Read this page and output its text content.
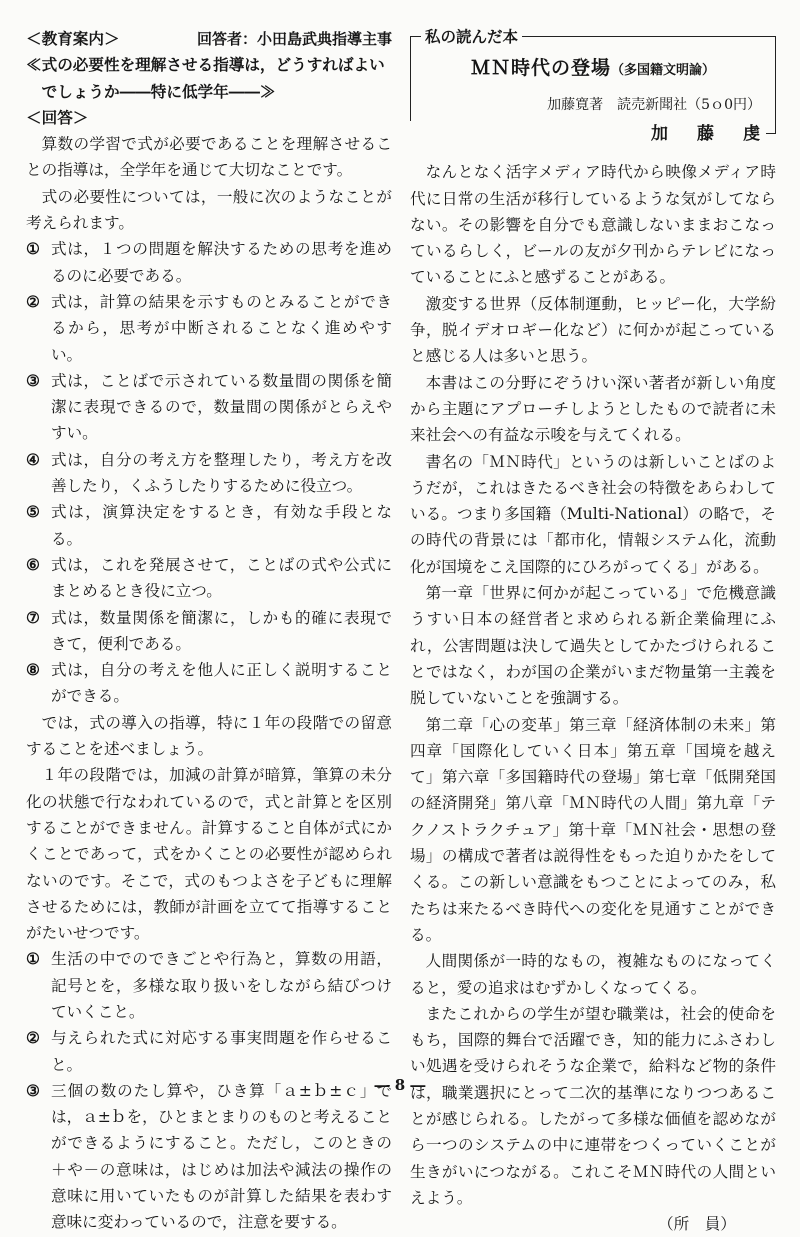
＜教育案内＞	回答者：小田島武典指導主事

≪式の必要性を理解させる指導は，どうすればよい

でしょうか――特に低学年――≫

＜回答＞

算数の学習で式が必要であることを理解させることの指導は，全学年を通じて大切なことです。

式の必要性については，一般に次のようなことが考えられます。

① 式は，１つの問題を解決するための思考を進めるのに必要である。
② 式は，計算の結果を示すものとみることができるから，思考が中断されることなく進めやすい。
③ 式は，ことばで示されている数量間の関係を簡潔に表現できるので，数量間の関係がとらえやすい。
④ 式は，自分の考え方を整理したり，考え方を改善したり，くふうしたりするために役立つ。
⑤ 式は，演算決定をするとき，有効な手段となる。
⑥ 式は，これを発展させて，ことばの式や公式にまとめるとき役に立つ。
⑦ 式は，数量関係を簡潔に，しかも的確に表現できて，便利である。
⑧ 式は，自分の考えを他人に正しく説明することができる。

では，式の導入の指導，特に１年の段階での留意することを述べましょう。

１年の段階では，加減の計算が暗算，筆算の未分化の状態で行なわれているので，式と計算とを区別することができません。計算すること自体が式にかくことであって，式をかくことの必要性が認められないのです。そこで，式のもつよさを子どもに理解させるためには，教師が計画を立てて指導することがたいせつです。

① 生活の中でのできごとや行為と，算数の用語，記号とを，多様な取り扱いをしながら結びつけていくこと。
② 与えられた式に対応する事実問題を作らせること。
③ 三個の数のたし算や，ひき算「ａ±ｂ±ｃ」では，ａ±ｂを，ひとまとまりのものと考えることができるようにすること。ただし，このときの＋や－の意味は，はじめは加法や減法の操作の意味に用いていたものが計算した結果を表わす意味に変わっているので，注意を要する。
私の読んだ本

ＭＮ時代の登場（多国籍文明論）

加藤寛著　読売新聞社（5ｏ0円）

加　藤　虔

なんとなく活字メディア時代から映像メディア時代に日常の生活が移行しているような気がしてならない。その影響を自分でも意識しないままおこなっているらしく，ビールの友が夕刊からテレビになっていることにふと感ずることがある。

激変する世界（反体制運動，ヒッピー化，大学紛争，脱イデオロギー化など）に何かが起こっていると感じる人は多いと思う。

本書はこの分野にぞうけい深い著者が新しい角度から主題にアプローチしようとしたもので読者に未来社会への有益な示唆を与えてくれる。

書名の「ＭＮ時代」というのは新しいことばのようだが，これはきたるべき社会の特徴をあらわしている。つまり多国籍（Multi-National）の略で，その時代の背景には「都市化，情報システム化，流動化が国境をこえ国際的にひろがってくる」がある。

第一章「世界に何かが起こっている」で危機意識うすい日本の経営者と求められる新企業倫理にふれ，公害問題は決して過失としてかたづけられることではなく，わが国の企業がいまだ物量第一主義を脱していないことを強調する。

第二章「心の変革」第三章「経済体制の未来」第四章「国際化していく日本」第五章「国境を越えて」第六章「多国籍時代の登場」第七章「低開発国の経済開発」第八章「ＭＮ時代の人間」第九章「テクノストラクチュア」第十章「ＭＮ社会・思想の登場」の構成で著者は説得性をもった迫りかたをしてくる。この新しい意識をもつことによってのみ，私たちは来たるべき時代への変化を見通すことができる。

人間関係が一時的なもの，複雑なものになってくると，愛の追求はむずかしくなってくる。

またこれからの学生が望む職業は，社会的使命をもち，国際的舞台で活躍でき，知的能力にふさわしい処遇を受けられそうな企業で，給料など物的条件は，職業選択にとって二次的基準になりつつあることが感じられる。したがって多様な価値を認めながら一つのシステムの中に連帯をつくっていくことが生きがいにつながる。これこそＭＮ時代の人間といえよう。

（所　員）

― 8 ―
